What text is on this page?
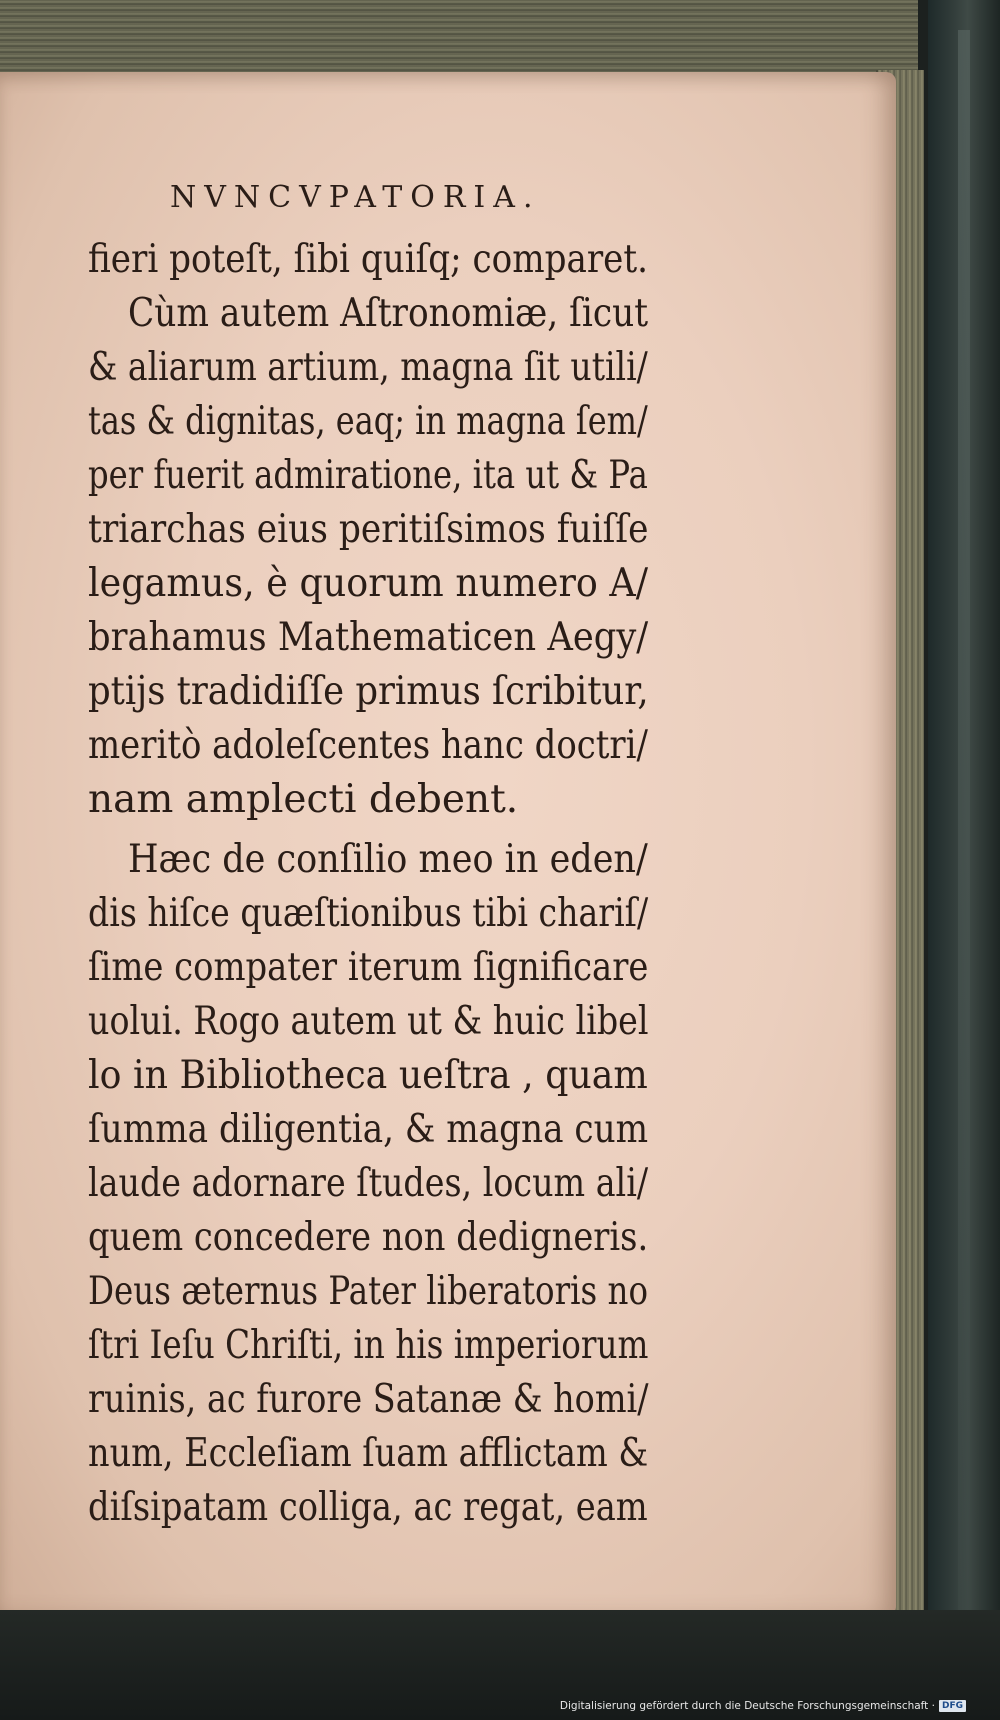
NVNCVPATORIA.
fieri poteſt, ſibi quiſq; comparet.
Cùm autem Aſtronomiæ, ſicut
& aliarum artium, magna ſit utili/
tas & dignitas, eaq; in magna ſem/
per fuerit admiratione, ita ut & Pa
triarchas eius peritiſsimos fuiſſe
legamus, è quorum numero A/
brahamus Mathematicen Aegy/
ptijs tradidiſſe primus ſcribitur,
meritò adoleſcentes hanc doctri/
nam amplecti debent.
Hæc de conſilio meo in eden/
dis hiſce quæſtionibus tibi chariſ/
ſime compater iterum ſignificare
uolui. Rogo autem ut & huic libel
lo in Bibliotheca ueſtra , quam
ſumma diligentia, & magna cum
laude adornare ſtudes, locum ali/
quem concedere non dedigneris.
Deus æternus Pater liberatoris no
ſtri Ieſu Chriſti, in his imperiorum
ruinis, ac furore Satanæ & homi/
num, Eccleſiam ſuam afflictam &
diſsipatam colliga, ac regat, eam
Digitalisierung gefördert durch die Deutsche Forschungsgemeinschaft · DFG
